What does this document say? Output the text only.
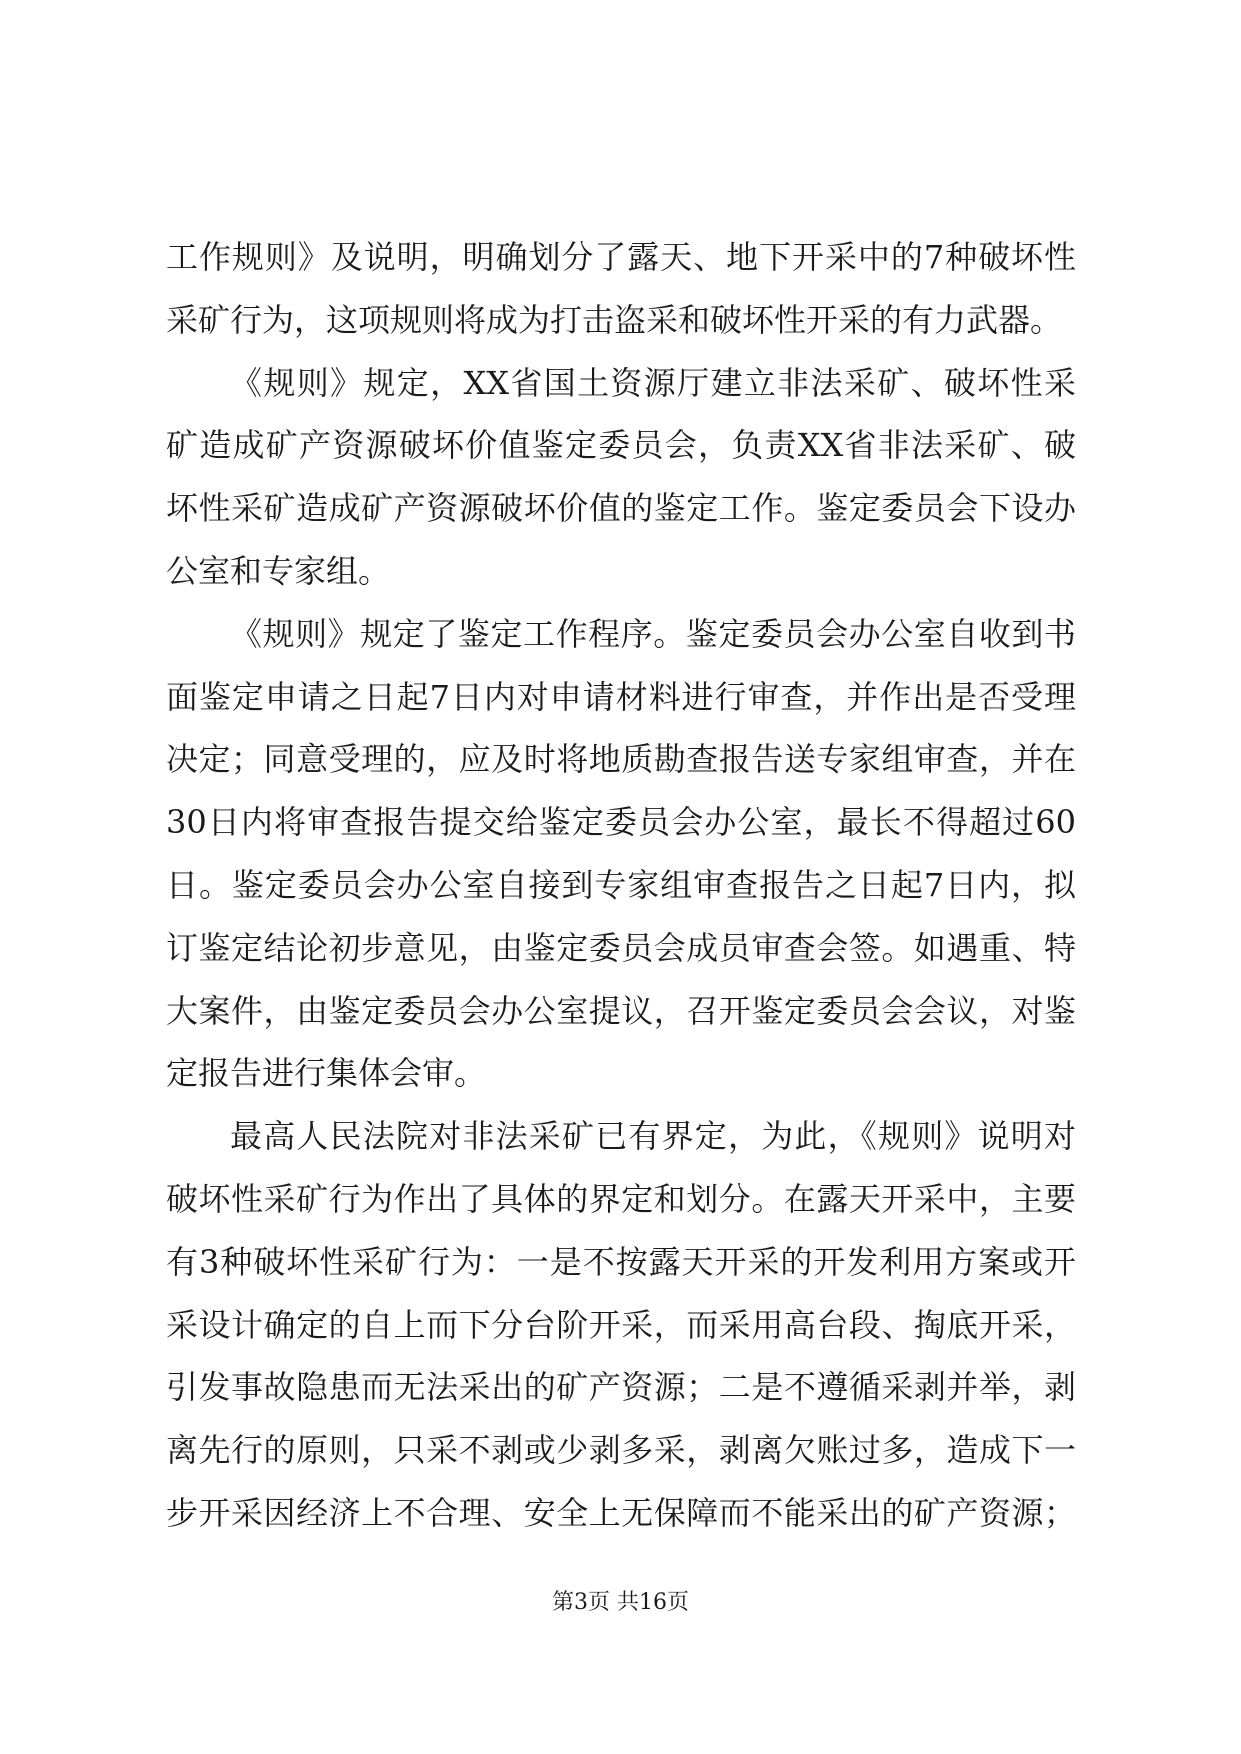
工作规则》及说明，明确划分了露天、地下开采中的7种破坏性
采矿行为，这项规则将成为打击盗采和破坏性开采的有力武器。
《规则》规定，XX省国土资源厅建立非法采矿、破坏性采
矿造成矿产资源破坏价值鉴定委员会，负责XX省非法采矿、破
坏性采矿造成矿产资源破坏价值的鉴定工作。鉴定委员会下设办
公室和专家组。
《规则》规定了鉴定工作程序。鉴定委员会办公室自收到书
面鉴定申请之日起7日内对申请材料进行审查，并作出是否受理
决定；同意受理的，应及时将地质勘查报告送专家组审查，并在
30日内将审查报告提交给鉴定委员会办公室，最长不得超过60
日。鉴定委员会办公室自接到专家组审查报告之日起7日内，拟
订鉴定结论初步意见，由鉴定委员会成员审查会签。如遇重、特
大案件，由鉴定委员会办公室提议，召开鉴定委员会会议，对鉴
定报告进行集体会审。
最高人民法院对非法采矿已有界定，为此，《规则》说明对
破坏性采矿行为作出了具体的界定和划分。在露天开采中，主要
有3种破坏性采矿行为：一是不按露天开采的开发利用方案或开
采设计确定的自上而下分台阶开采，而采用高台段、掏底开采，
引发事故隐患而无法采出的矿产资源；二是不遵循采剥并举，剥
离先行的原则，只采不剥或少剥多采，剥离欠账过多，造成下一
步开采因经济上不合理、安全上无保障而不能采出的矿产资源；
第3页 共16页
